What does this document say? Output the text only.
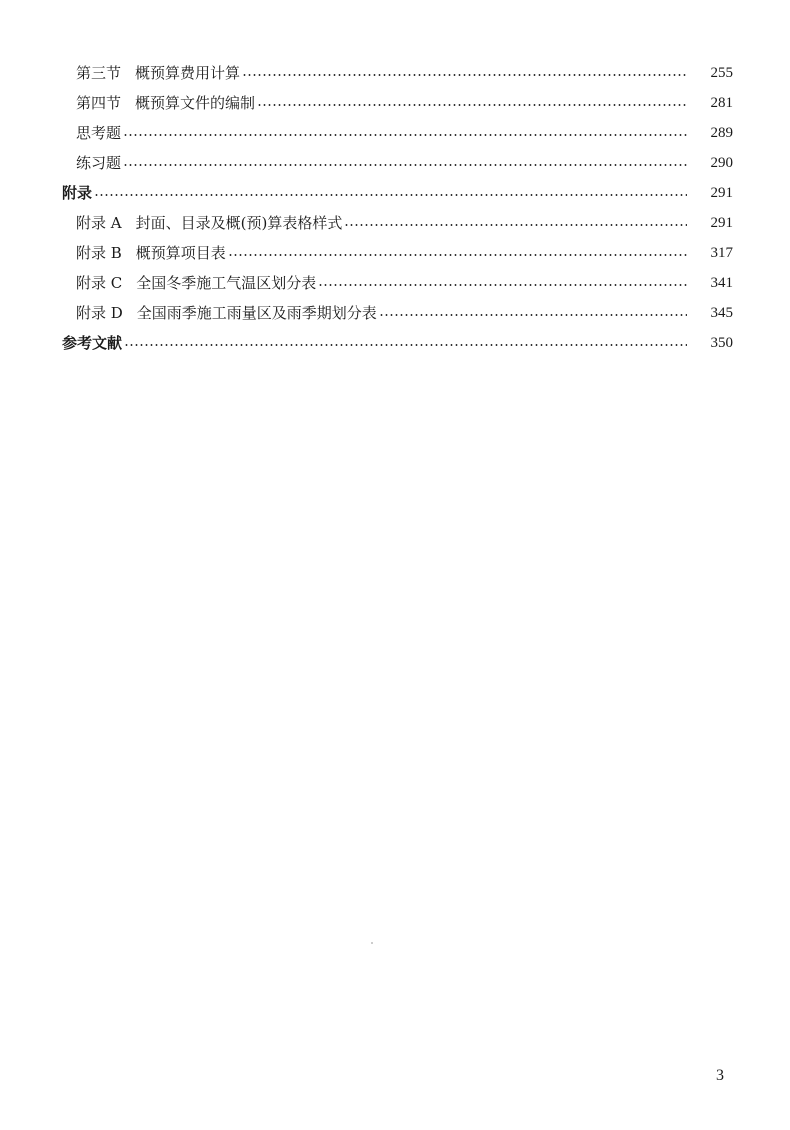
第三节 概预算费用计算	255
第四节 概预算文件的编制	281
思考题	289
练习题	290
附录	291
附录 A 封面、目录及概(预)算表格样式	291
附录 B 概预算项目表	317
附录 C 全国冬季施工气温区划分表	341
附录 D 全国雨季施工雨量区及雨季期划分表	345
参考文献	350
3
